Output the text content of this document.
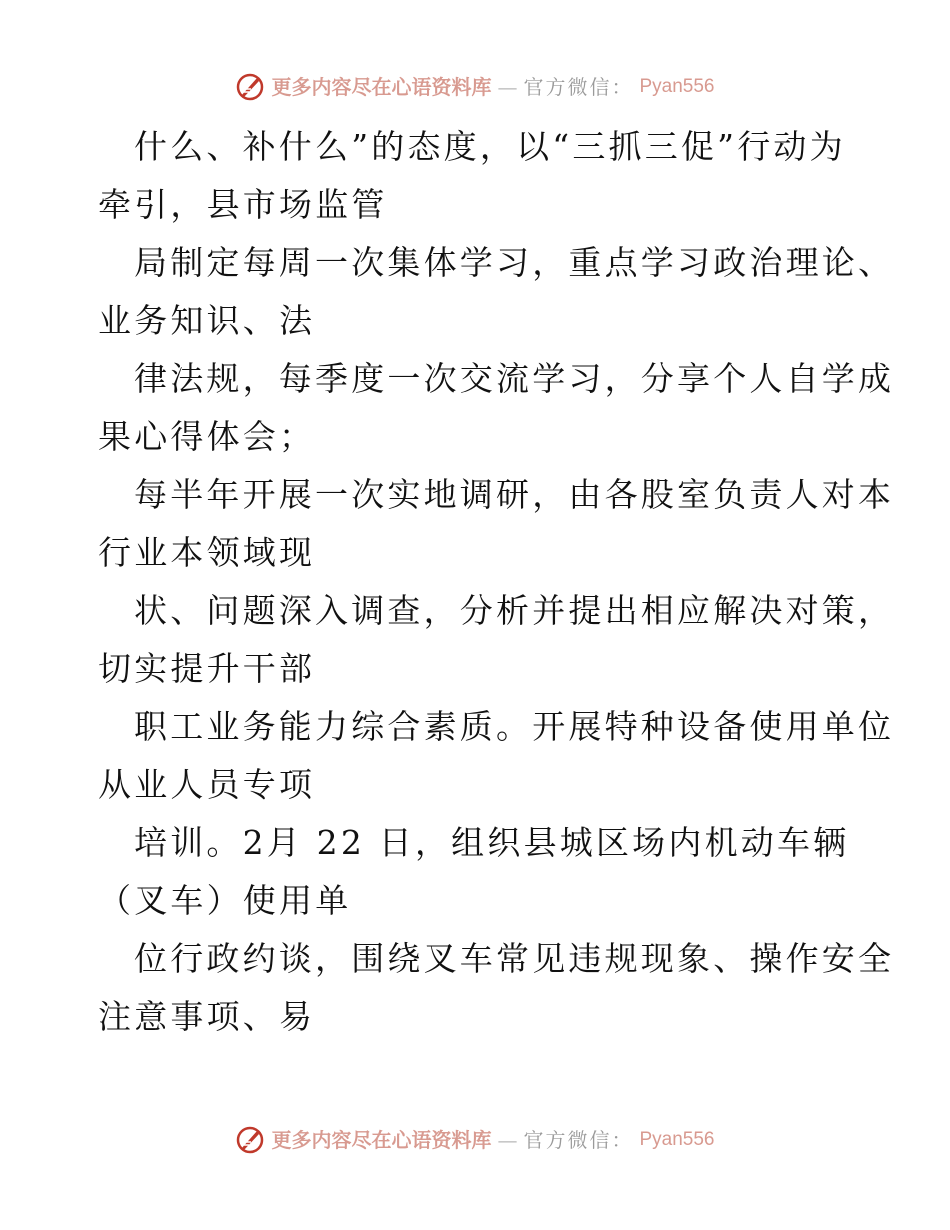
更多内容尽在心语资料库 — 官方微信： Pyan556
什么、补什么”的态度，以“三抓三促”行动为
牵引，县市场监管
局制定每周一次集体学习，重点学习政治理论、
业务知识、法
律法规，每季度一次交流学习，分享个人自学成
果心得体会；
每半年开展一次实地调研，由各股室负责人对本
行业本领域现
状、问题深入调查，分析并提出相应解决对策，
切实提升干部
职工业务能力综合素质。开展特种设备使用单位
从业人员专项
培训。2月 22 日，组织县城区场内机动车辆
（叉车）使用单
位行政约谈，围绕叉车常见违规现象、操作安全
注意事项、易
更多内容尽在心语资料库 — 官方微信： Pyan556
